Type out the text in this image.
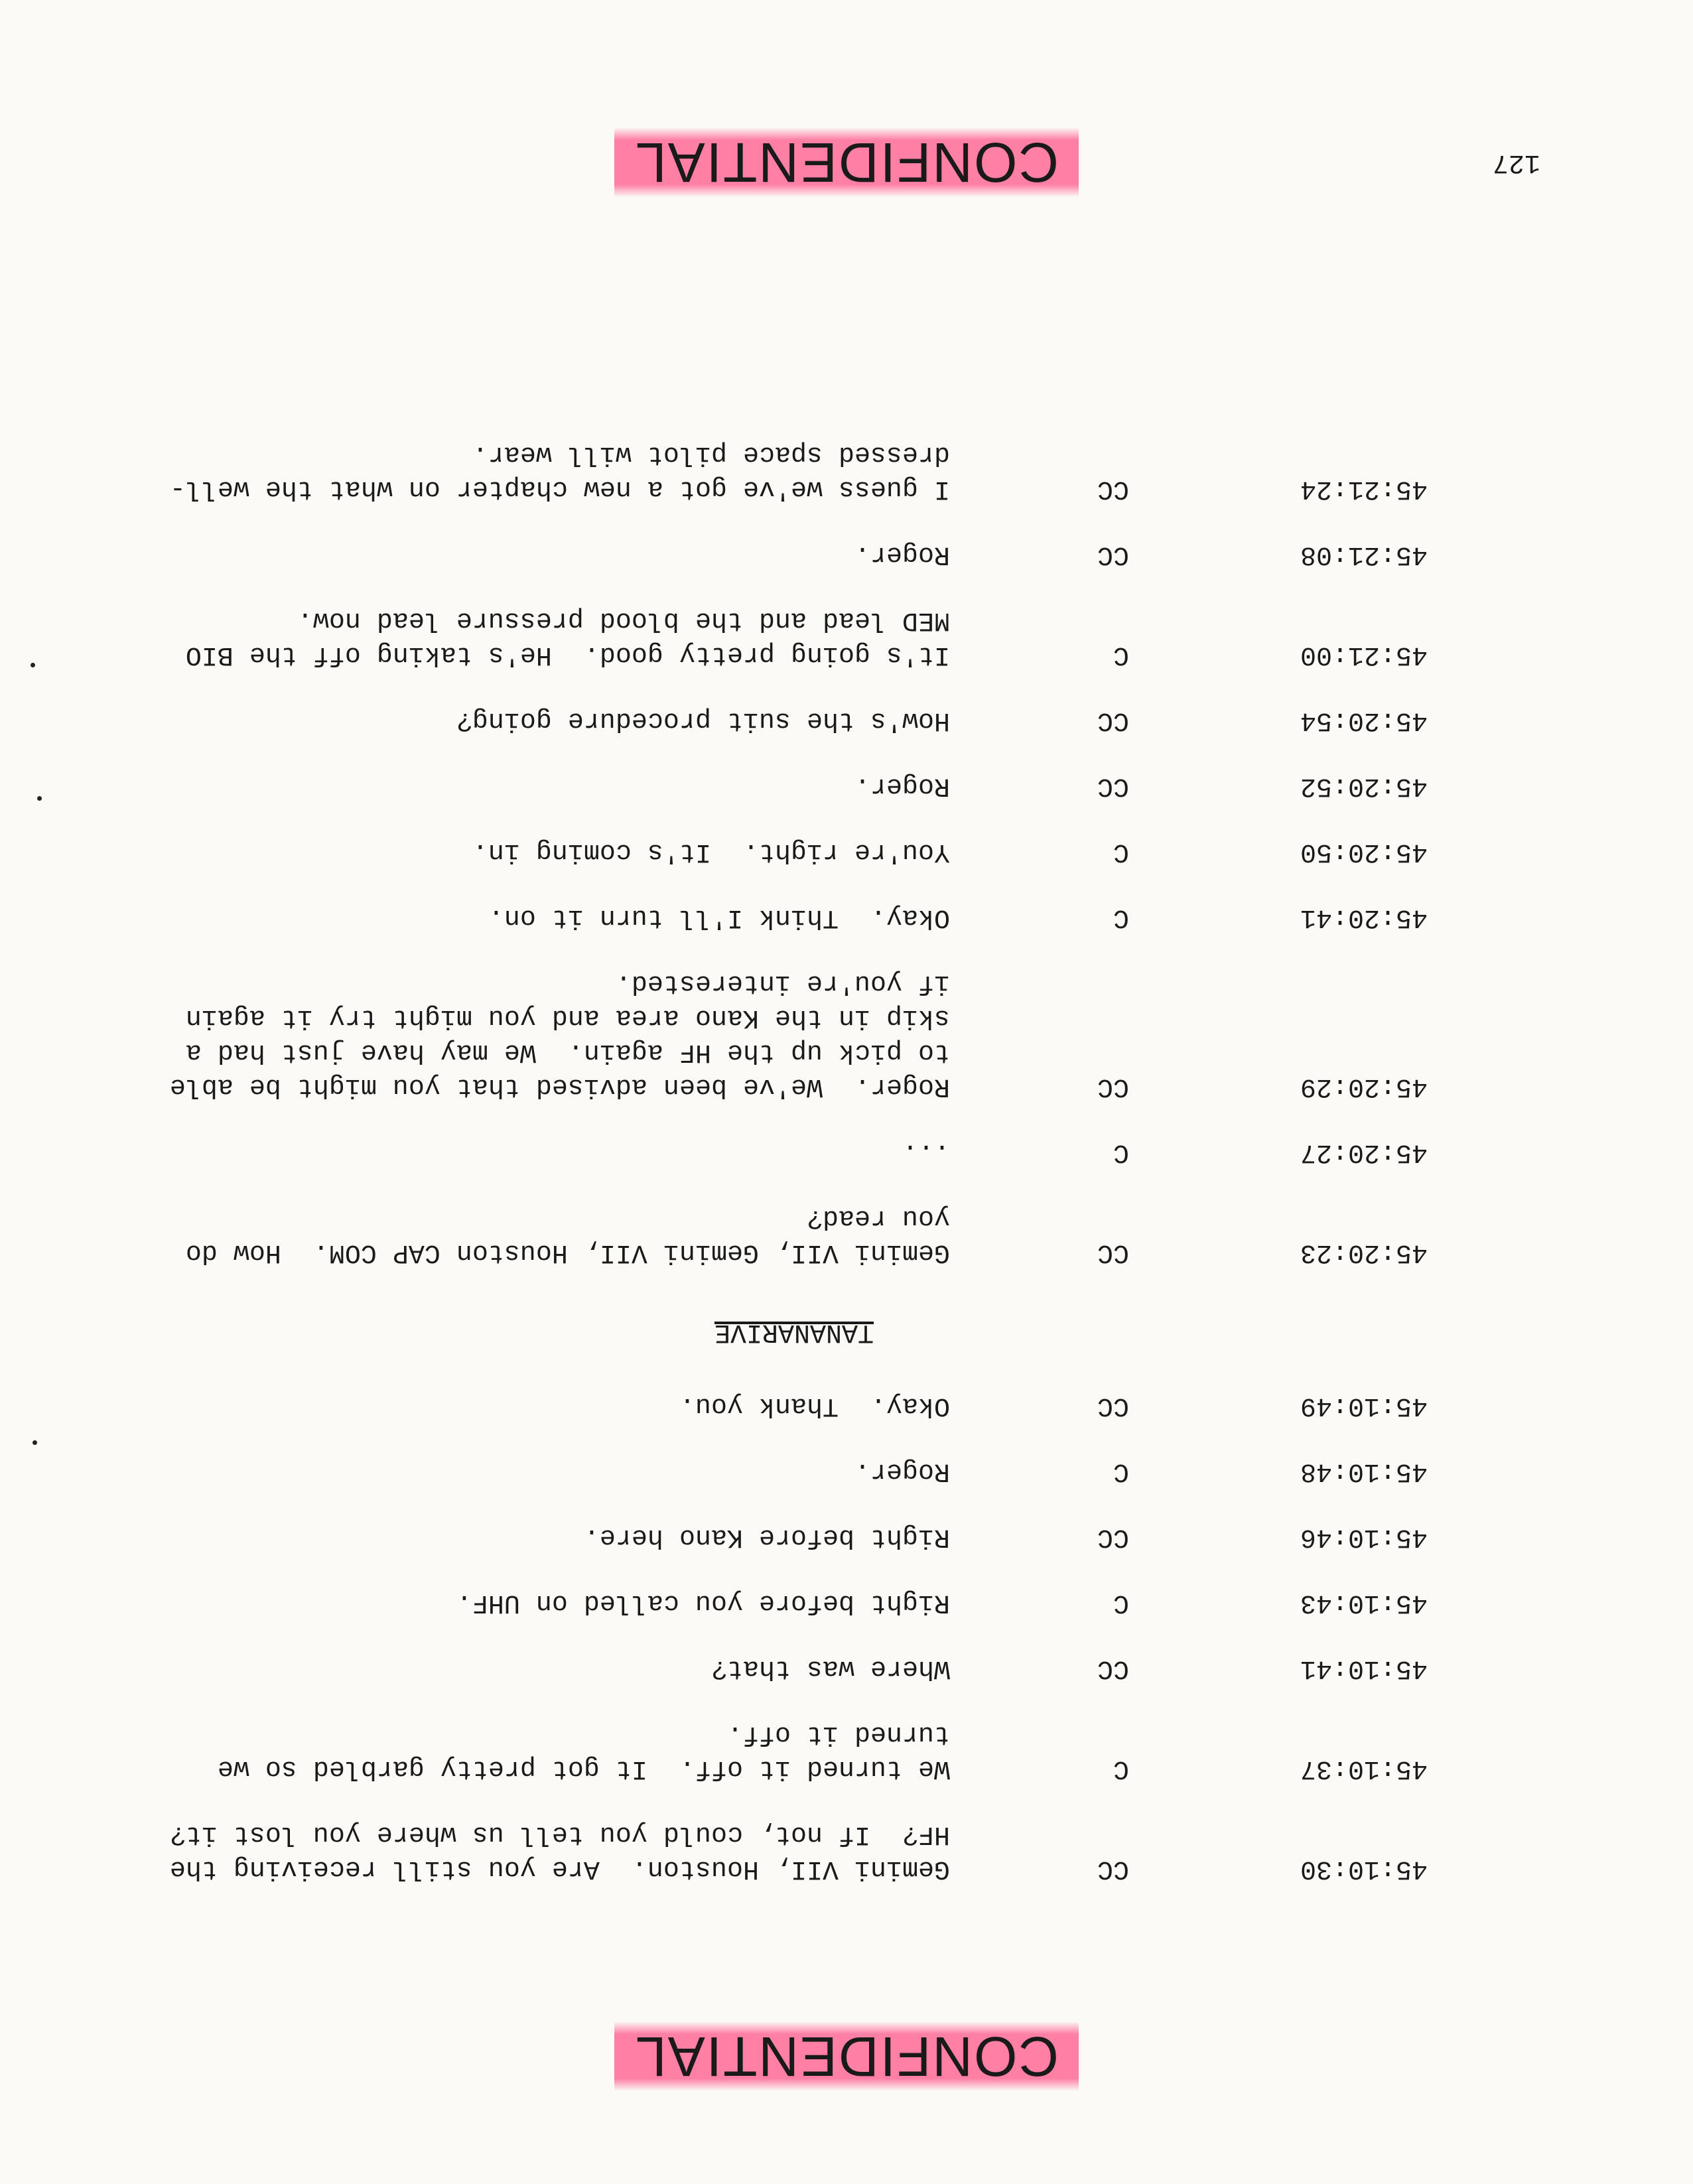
CONFIDENTIAL	127
45:10:30
CC
Gemini VII, Houston.  Are you still receiving the
HF?  If not, could you tell us where you lost it?
45:10:37
C
We turned it off.  It got pretty garbled so we
turned it off.
45:10:41
CC
Where was that?
45:10:43
C
Right before you called on UHF.
45:10:46
CC
Right before Kano here.
45:10:48
C
Roger.
45:10:49
CC
Okay.  Thank you.
TANANARIVE
45:20:23
CC
Gemini VII, Gemini VII, Houston CAP COM.  How do
you read?
45:20:27
C
...
45:20:29
CC
Roger.  We've been advised that you might be able
to pick up the HF again.  We may have just had a
skip in the Kano area and you might try it again
if you're interested.
45:20:41
C
Okay.  Think I'll turn it on.
45:20:50
C
You're right.  It's coming in.
45:20:52
CC
Roger.
45:20:54
CC
How's the suit procedure going?
45:21:00
C
It's going pretty good.  He's taking off the BIO
MED lead and the blood pressure lead now.
45:21:08
CC
Roger.
45:21:24
CC
I guess we've got a new chapter on what the well-
dressed space pilot will wear.
CONFIDENTIAL
